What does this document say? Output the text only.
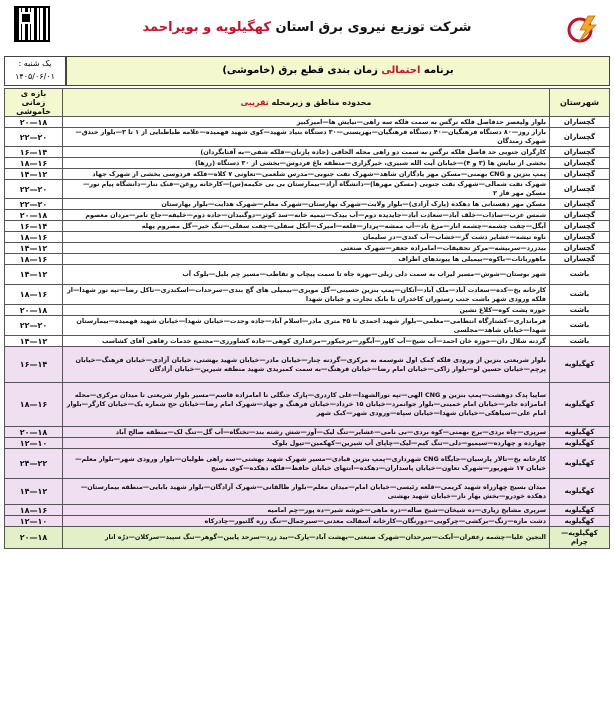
شرکت توزیع نیروی برق استان کهگیلویه و بویراحمد
یک شنبه :
۱۴۰۵/۰۶/۰۱
برنامه احتمالی زمان بندی قطع برق (خاموشی)
شهرستان	محدوده مناطق و زیرمحله تقریبی	بازه ی زمانی خاموشی
گچساران	بلوار ولیعصر حدفاصل فلکه نرگس به سمت فلکه سه راهی—نیایش ها—امیرکبیر	۲۰—۱۸
گچساران	بازار روز—۸۰ دستگاه فرهنگیان—۴۰ دستگاه فرهنگیان—بهزیستی—۳۰ دستگاه بنیاد شهید—کوی شهید فهمیده—علامه طباطبایی از ۱ تا ۳—بلوار خندق—شهرک زمندگان	۲۲—۲۰
گچساران	کارگران جنوبی حد فاصل فلکه نرگس به سمت دو راهی محله الحاقی (جاده پازنان—فلکه شفی—به آفتابگردان)	۱۶—۱۴
گچساران	بخشی از نیایش ها (۳ و ۴)—خیابان آیت الله شبیری، خیرگزاری—منطقه باغ فردوس—بخشی از ۳۰ دستگاه (رزها)	۱۸—۱۶
گچساران	پمپ بنزین و CNG بهمنی—مسکن مهر یادگاران شاهد—شهرک نفت جنوبی—مدرس شلعمی—تعاونی ۷ کلاه—فلکه فردوسی بخشی از شهرک جهاد	۱۴—۱۲
گچساران	شهرک نفت شمالی—شهرک نفت جنوبی (مسکن مهرها)—دانشگاه آزاد—بیمارستان بی بی حکیمه(س)—کارخانه روغن—فنک ننار—دانشگاه پیام نور—مسکن مهر فاز ۲	۲۲—۲۰
گچساران	مسکن مهر دهستانی ها دهکده (پارک آزادی)—بلوار ولایت—شهرک بهارستان—شهرک معلم—شهرک هدایت—بلوار بهارستان	۲۲—۲۰
گچساران	شمس عرب—سادات—خلف آباد—سعادت آباد—جایدیده دوم—آب بیدک—تیمیه خانه—سد کوثر—دوگنبدان—جاده دوم—خلیفه—جاج تامر—مردان معصوم	۲۰—۱۸
گچساران	آبگل—چفت چشمه—چشمه انار—مرغ باد—آب ممشه—پرداز—قلعه—امیرک—آبکل سفلی—چفت سفلی—تنگ خیر—گل مصروم پهله	۱۶—۱۴
گچساران	ناوه تیشه—عشایر دشت گز—خشاب—آب کندی—دز سلیمان	۱۸—۱۶
گچساران	بیدزرد—سربیشه—مرکز تحقیقات—امامزاده جعفر—شهرک صنعتی	۱۴—۱۲
گچساران	ماهوربانات—باکوه—بیمیلی ها پیوندهای اطراف	۱۸—۱۶
باشت	شهر بوستان—شوش—مسیر لیراب به سمت دلی زبلی—بهره جاه تا سمت پیچاب و تقاطب—مسیر چم بلیل—بلوک آب	۱۴—۱۲
باشت	کارخانه یخ—کده—سعادت آباد—ملک آباد—آتکان—پمپ بنزین حسینی—گل مویزی—بیمیلی های گچ بندی—سرحدات—اسکندری—تاکل رضا—تپه نور شهدا—از فلکه ورودی شهر باشت جنب رستوران کاخدران تا بانک تجارت و خیابان شهدا	۱۸—۱۶
باشت	حوزه پشت کوه—کلاغ نشین	۲۰—۱۸
باشت	فرمانداری—کشتارگاه انتظامی—معلمی—بلوار شهید احمدی تا ۴۵ متری مادر—اسلام آباد—جاده وحدت—خیابان شهدا—خیابان شهید فهمیده—بیمارستان شهدا—خیابان شاهد—مجلسی	۲۲—۲۰
باشت	گردنه شلال دان—حوزه خان احمد—آب شیخ—آب کاور—آبگور—برجیکور—مرغداری کوهی—جاده کشاورزی—مجتمع خدمات رفاهی آقای کشاسب	۱۴—۱۲
کهگیلویه	بلوار شریعتی بنزین از ورودی فلکه کمک اول شوسمه به مرکزی—گردنه چنار—خیابان مادر—خیابان شهید بهشتی، خیابان آزادی—خیابان فرهنگ—خیابان پرچم—خیابان حسین لو—بلوار زاکی—خیابان امام رضا—خیابان فرهنگ—به سمت کمبریدی شهید منطقه شیرین—خیابان آزادگان	۱۶—۱۴
کهگیلویه	ساپیا پدک دوهشت—پمپ بنزین و CNG الهی—تپه نورالشهدا—علی کاردری—پارک جنگلی تا امامزاده قاسم—مسیر بلوار شریعتی تا میدان مرکزی—محله امامزاده جابر—خیابان امام خمینی—بلوار جوانمرد—خیابان ۱۵ خرداد—خیابان فرهنگ و جهاد—شهرک امام رضا—خیابان حج شماره یک—خیابان کارگر—بلوار امام علی—سیاهکی—خیابان شهدا—خیابان سپاه—ورودی شهر—کبک شهر	۱۸—۱۶
کهگیلویه	سرپری—چاه بردی—برج بهمنی—کوه بردی—بی نامی—عشایر—تنگ لیک—آوز—شش رشته بند—تختگاه—آب گل—تنگ لک—منطقه صالح آباد	۲۰—۱۸
کهگیلویه	چهارده و چهارده—سیمیو—دلی—تنگ کیم—لیک—چاپای آب شیرین—کهکمین—تیول بلوک	۱۲—۱۰
کهگیلویه	کارخانه یخ—تالار پارسیان—جایگاه CNG شهرداری—پمپ بنزین قبادی—مسیر شهرک شهید بهشتی—سه راهی طولیان—بلوار ورودی شهر—بلوار معلم—خیابان ۱۷ شهریور—شهرک تعاون—خیابان پاسداران—دهکده—انتهای خیابان حافظ—فلکه دهکده—کوی بسیج	۲۴—۲۲
کهگیلویه	میدان بسیج چهارراه شهید کریمی—قلعه رئیسی—خیابان امام—میدان معلم—بلوار طالقانی—شهرک آزادگان—بلوار شهید بابایی—منطقه بیمارستان—دهکده خودرو—بخش بهار ناز—خیابان شهید بهشتی	۱۴—۱۲
کهگیلویه	سرپری مشایخ زیاری—ده شیخان—شیخ صاله—دره ماهی—خوشه شیر—ده پور—چم امامیه	۱۸—۱۶
کهگیلویه	دشت مازه—زنگ—برکشی—چرکویی—دورنگان—کارخانه آسفالت معدنی—سیرجمال—تنگ رزه گلتیور—چادرکاه	۱۲—۱۰
کهگیلویه—چرام	النجین علیا—چشمه زعفران—آبکت—سرحدان—شهرک صنعتی—بهشت آباد—پارک—بید زرد—سرحد پایین—گوهر—تنگ سپید—سرکلان—درّه انار	۲۰—۱۸
